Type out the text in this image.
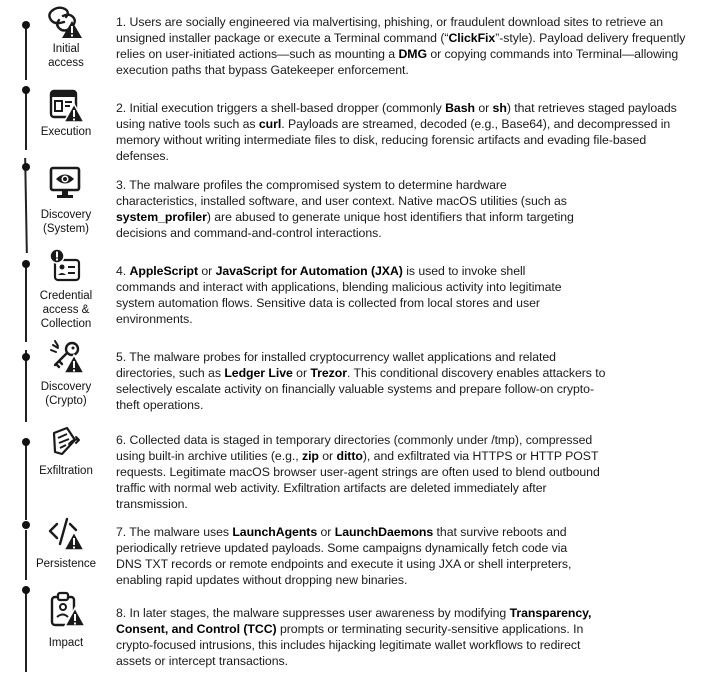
Initial
access
1. Users are socially engineered via malvertising, phishing, or fraudulent download sites to retrieve an unsigned installer package or execute a Terminal command (“ClickFix”-style). Payload delivery frequently relies on user-initiated actions—such as mounting a DMG or copying commands into Terminal—allowing execution paths that bypass Gatekeeper enforcement.
Execution
2. Initial execution triggers a shell-based dropper (commonly Bash or sh) that retrieves staged payloads using native tools such as curl. Payloads are streamed, decoded (e.g., Base64), and decompressed in memory without writing intermediate files to disk, reducing forensic artifacts and evading file-based defenses.
Discovery
(System)
3. The malware profiles the compromised system to determine hardware characteristics, installed software, and user context. Native macOS utilities (such as system_profiler) are abused to generate unique host identifiers that inform targeting decisions and command-and-control interactions.
Credential
access &
Collection
4. AppleScript or JavaScript for Automation (JXA) is used to invoke shell commands and interact with applications, blending malicious activity into legitimate system automation flows. Sensitive data is collected from local stores and user environments.
Discovery
(Crypto)
5. The malware probes for installed cryptocurrency wallet applications and related directories, such as Ledger Live or Trezor. This conditional discovery enables attackers to selectively escalate activity on financially valuable systems and prepare follow-on crypto-theft operations.
Exfiltration
6. Collected data is staged in temporary directories (commonly under /tmp), compressed using built-in archive utilities (e.g., zip or ditto), and exfiltrated via HTTPS or HTTP POST requests. Legitimate macOS browser user-agent strings are often used to blend outbound traffic with normal web activity. Exfiltration artifacts are deleted immediately after transmission.
Persistence
7. The malware uses LaunchAgents or LaunchDaemons that survive reboots and periodically retrieve updated payloads. Some campaigns dynamically fetch code via DNS TXT records or remote endpoints and execute it using JXA or shell interpreters, enabling rapid updates without dropping new binaries.
Impact
8. In later stages, the malware suppresses user awareness by modifying Transparency, Consent, and Control (TCC) prompts or terminating security-sensitive applications. In crypto-focused intrusions, this includes hijacking legitimate wallet workflows to redirect assets or intercept transactions.
